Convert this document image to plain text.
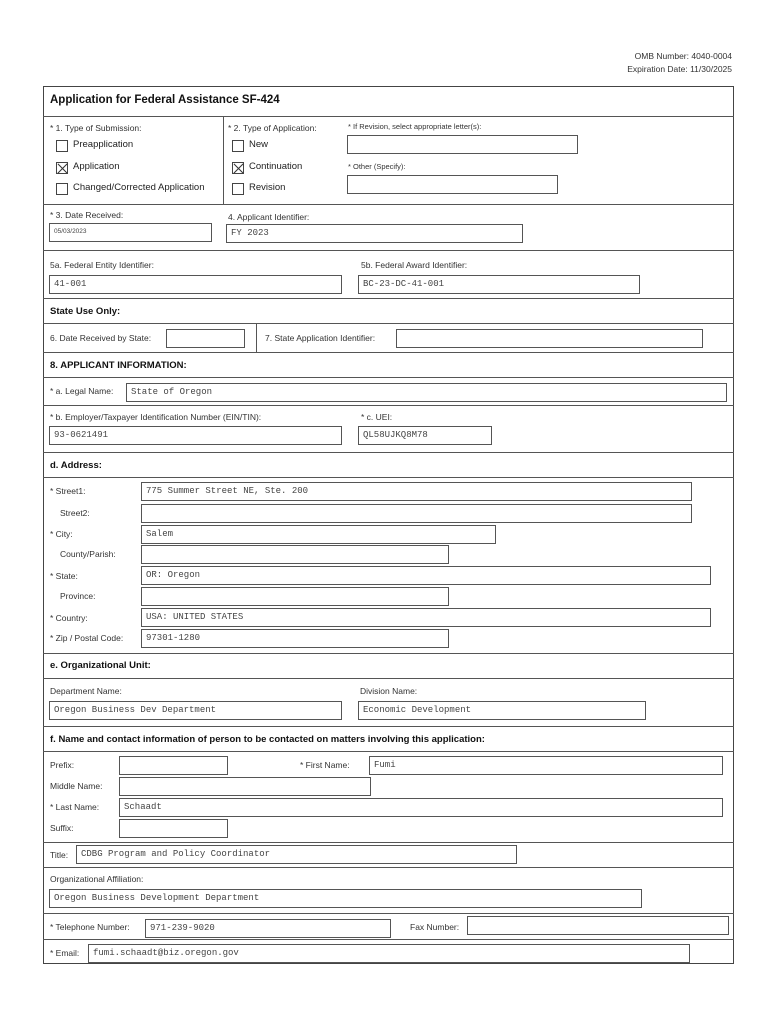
OMB Number: 4040-0004
Expiration Date: 11/30/2025
Application for Federal Assistance SF-424
* 1. Type of Submission:
Preapplication
Application
Changed/Corrected Application
* 2. Type of Application:
New
Continuation
Revision
* If Revision, select appropriate letter(s):
* Other (Specify):
* 3. Date Received:
05/03/2023
4. Applicant Identifier:
FY 2023
5a. Federal Entity Identifier:
41-001
5b. Federal Award Identifier:
BC-23-DC-41-001
State Use Only:
6. Date Received by State:	7. State Application Identifier:
8. APPLICANT INFORMATION:
* a. Legal Name:	State of Oregon
* b. Employer/Taxpayer Identification Number (EIN/TIN):
93-0621491
* c. UEI:
QL58UJKQ8M78
d. Address:
* Street1:	775 Summer Street NE, Ste. 200
Street2:
* City:	Salem
County/Parish:
* State:	OR: Oregon
Province:
* Country:	USA: UNITED STATES
* Zip / Postal Code:	97301-1280
e. Organizational Unit:
Department Name:
Oregon Business Dev Department
Division Name:
Economic Development
f. Name and contact information of person to be contacted on matters involving this application:
Prefix:	* First Name:	Fumi
Middle Name:
* Last Name:	Schaadt
Suffix:
Title:	CDBG Program and Policy Coordinator
Organizational Affiliation:
Oregon Business Development Department
* Telephone Number:	971-239-9020	Fax Number:
* Email:	fumi.schaadt@biz.oregon.gov
